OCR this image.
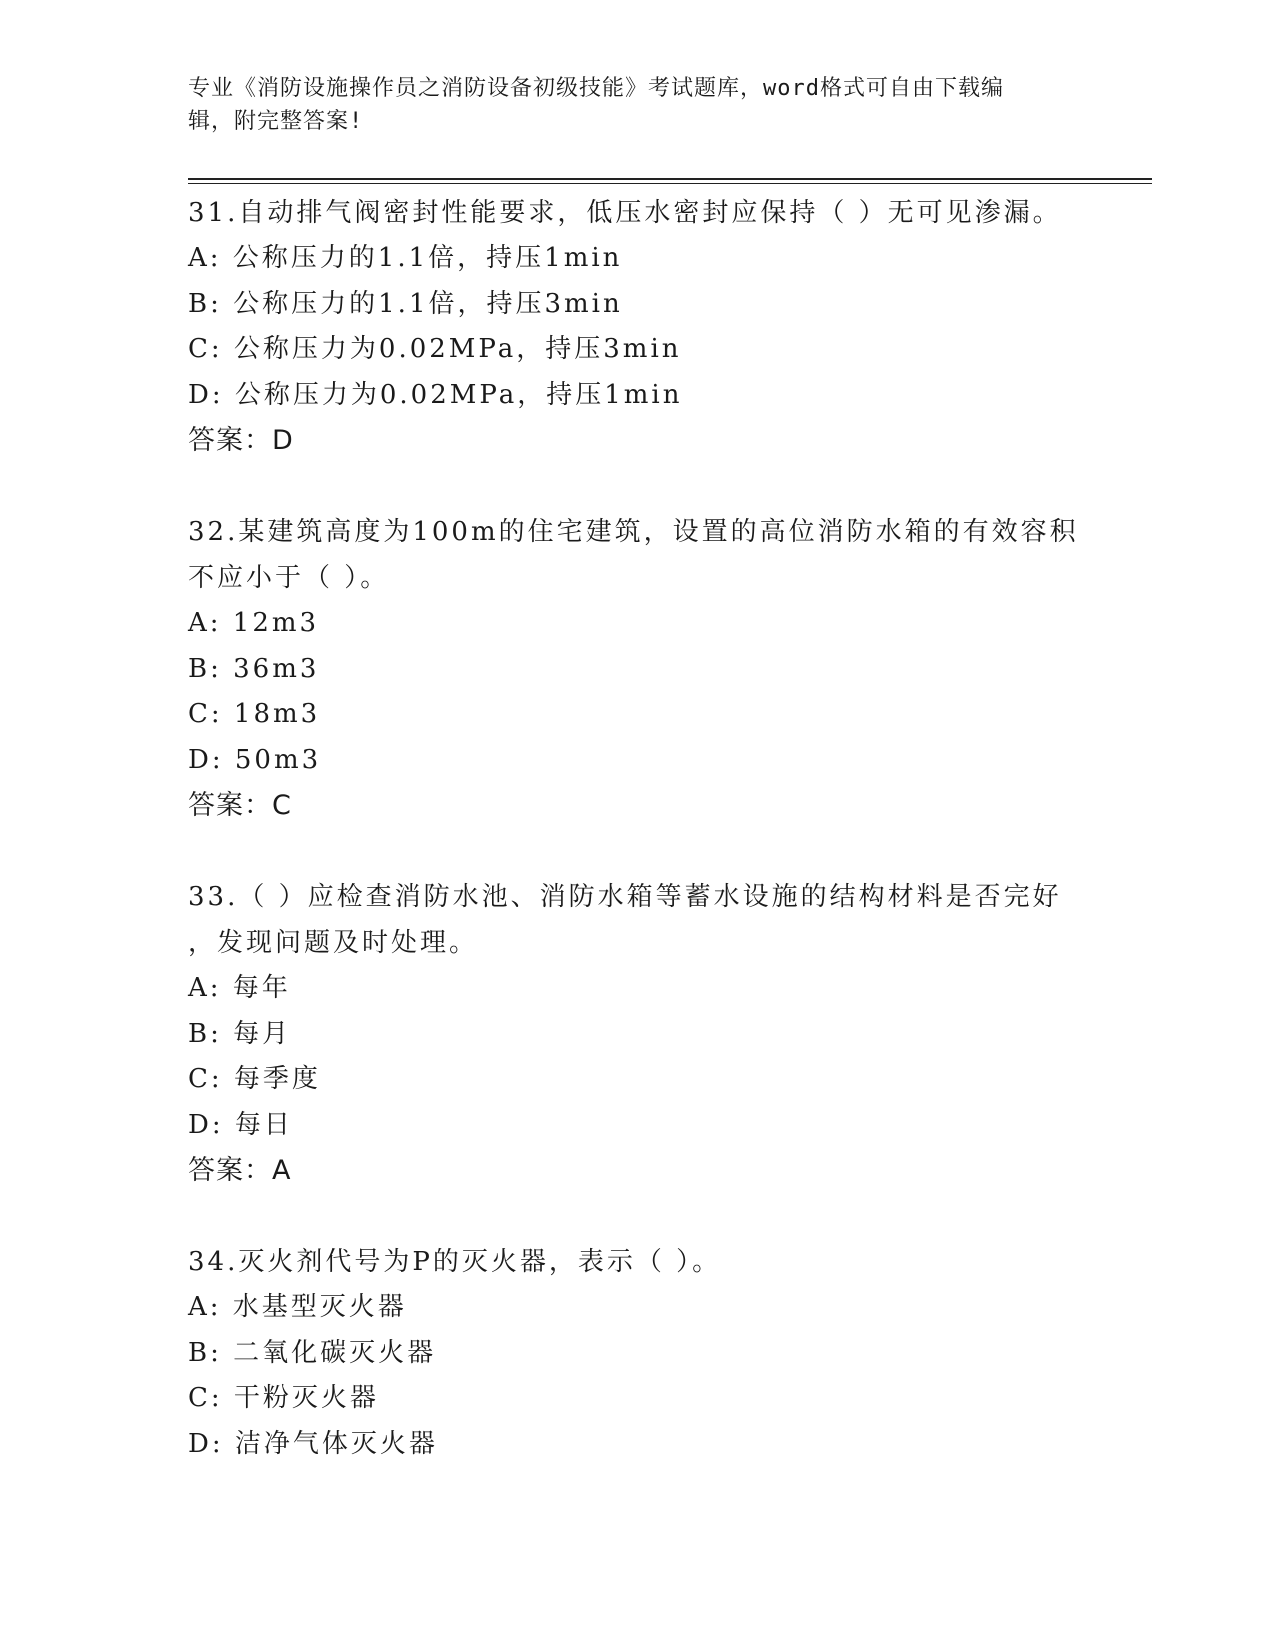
专业《消防设施操作员之消防设备初级技能》考试题库，word格式可自由下载编
辑，附完整答案!

31.自动排气阀密封性能要求，低压水密封应保持（ ）无可见渗漏。

A: 公称压力的1.1倍，持压1min

B: 公称压力的1.1倍，持压3min

C: 公称压力为0.02MPa，持压3min

D: 公称压力为0.02MPa，持压1min

答案：D

32.某建筑高度为100m的住宅建筑，设置的高位消防水箱的有效容积

不应小于（ ）。

A: 12m3

B: 36m3

C: 18m3

D: 50m3

答案：C

33.（ ）应检查消防水池、消防水箱等蓄水设施的结构材料是否完好

，发现问题及时处理。

A: 每年

B: 每月

C: 每季度

D: 每日

答案：A

34.灭火剂代号为P的灭火器，表示（ ）。

A: 水基型灭火器

B: 二氧化碳灭火器

C: 干粉灭火器

D: 洁净气体灭火器
